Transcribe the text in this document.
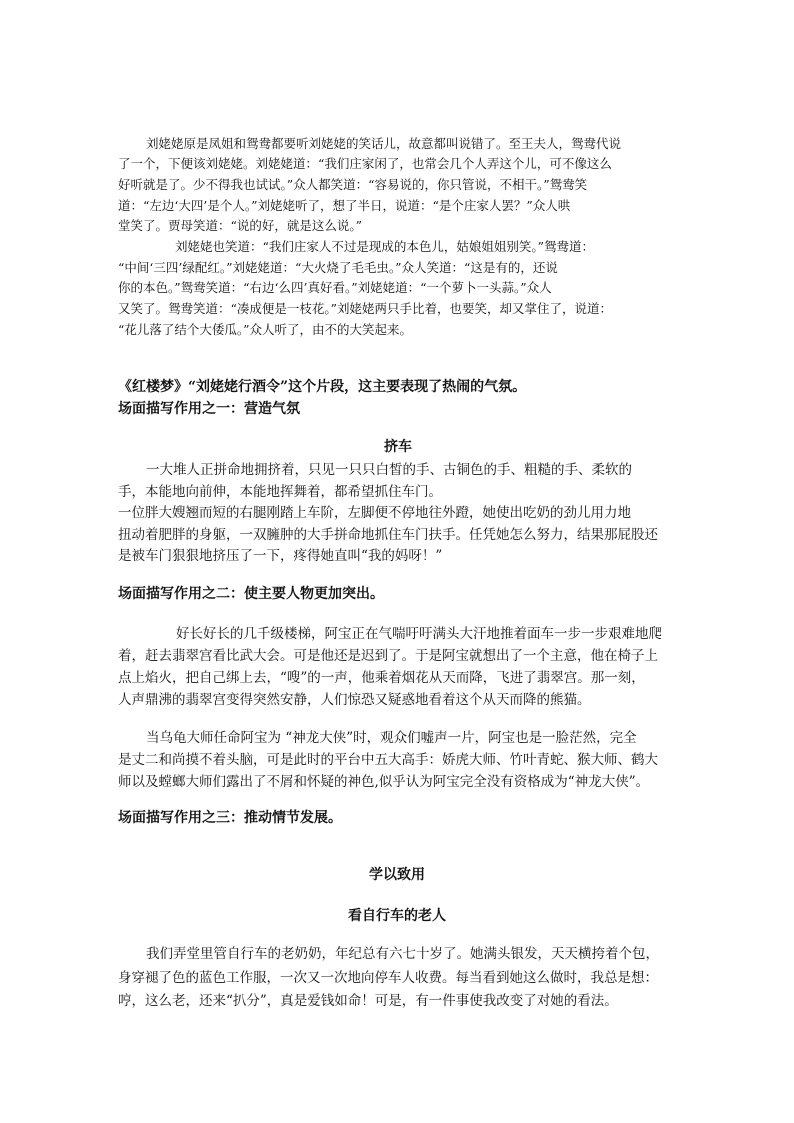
刘姥姥原是凤姐和鸳鸯都要听刘姥姥的笑话儿，故意都叫说错了。至王夫人，鸳鸯代说
了一个，下便该刘姥姥。刘姥姥道：“我们庄家闲了，也常会几个人弄这个儿，可不像这么
好听就是了。少不得我也试试。”众人都笑道：“容易说的，你只管说，不相干。”鸳鸯笑
道：“左边‘大四’是个人。”刘姥姥听了，想了半日，说道：“是个庄家人罢？”众人哄
堂笑了。贾母笑道：“说的好，就是这么说。”
刘姥姥也笑道：“我们庄家人不过是现成的本色儿，姑娘姐姐别笑。”鸳鸯道：
“中间‘三四’绿配红。”刘姥姥道：“大火烧了毛毛虫。”众人笑道：“这是有的，还说
你的本色。”鸳鸯笑道：“右边‘么四’真好看。”刘姥姥道：“一个萝卜一头蒜。”众人
又笑了。鸳鸯笑道：“凑成便是一枝花。”刘姥姥两只手比着，也要笑，却又掌住了，说道：
“花儿落了结个大倭瓜。”众人听了，由不的大笑起来。
《红楼梦》“刘姥姥行酒令”这个片段，这主要表现了热闹的气氛。
场面描写作用之一：营造气氛
挤车
一大堆人正拼命地拥挤着，只见一只只白皙的手、古铜色的手、粗糙的手、柔软的
手，本能地向前伸，本能地挥舞着，都希望抓住车门。
一位胖大嫂翘而短的右腿刚踏上车阶，左脚便不停地往外蹬，她使出吃奶的劲儿用力地
扭动着肥胖的身躯，一双臃肿的大手拼命地抓住车门扶手。任凭她怎么努力，结果那屁股还
是被车门狠狠地挤压了一下，疼得她直叫“我的妈呀！”
场面描写作用之二：使主要人物更加突出。
好长好长的几千级楼梯，阿宝正在气喘吁吁满头大汗地推着面车一步一步艰难地爬
着，赶去翡翠宫看比武大会。可是他还是迟到了。于是阿宝就想出了一个主意，他在椅子上
点上焰火，把自己绑上去，“嗖”的一声，他乘着烟花从天而降，飞进了翡翠宫。那一刻，
人声鼎沸的翡翠宫变得突然安静，人们惊恐又疑惑地看着这个从天而降的熊猫。
当乌龟大师任命阿宝为 “神龙大侠”时，观众们嘘声一片，阿宝也是一脸茫然，完全
是丈二和尚摸不着头脑，可是此时的平台中五大高手：娇虎大师、竹叶青蛇、猴大师、鹤大
师以及螳螂大师们露出了不屑和怀疑的神色,似乎认为阿宝完全没有资格成为“神龙大侠”。
场面描写作用之三：推动情节发展。
学以致用
看自行车的老人
我们弄堂里管自行车的老奶奶，年纪总有六七十岁了。她满头银发，天天横挎着个包，
身穿褪了色的蓝色工作服，一次又一次地向停车人收费。每当看到她这么做时，我总是想：
哼，这么老，还来“扒分”，真是爱钱如命！可是，有一件事使我改变了对她的看法。
